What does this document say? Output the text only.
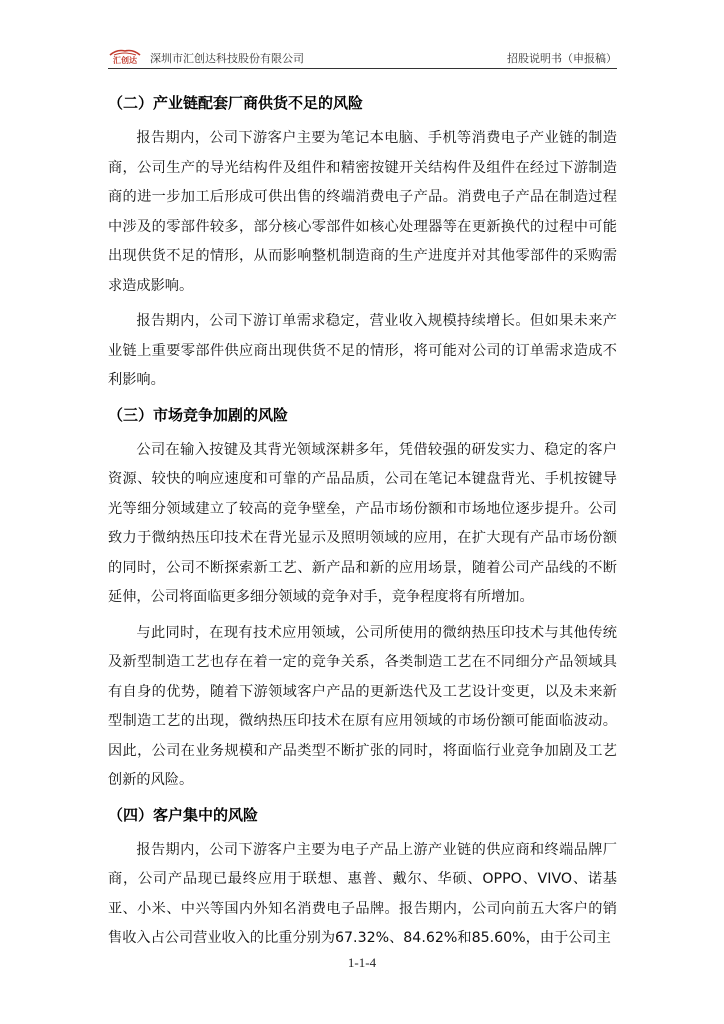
汇创达 深圳市汇创达科技股份有限公司	招股说明书（申报稿）
（二）产业链配套厂商供货不足的风险

报告期内，公司下游客户主要为笔记本电脑、手机等消费电子产业链的制造商，公司生产的导光结构件及组件和精密按键开关结构件及组件在经过下游制造商的进一步加工后形成可供出售的终端消费电子产品。消费电子产品在制造过程中涉及的零部件较多，部分核心零部件如核心处理器等在更新换代的过程中可能出现供货不足的情形，从而影响整机制造商的生产进度并对其他零部件的采购需求造成影响。

报告期内，公司下游订单需求稳定，营业收入规模持续增长。但如果未来产业链上重要零部件供应商出现供货不足的情形，将可能对公司的订单需求造成不利影响。

（三）市场竞争加剧的风险

公司在输入按键及其背光领域深耕多年，凭借较强的研发实力、稳定的客户资源、较快的响应速度和可靠的产品品质，公司在笔记本键盘背光、手机按键导光等细分领域建立了较高的竞争壁垒，产品市场份额和市场地位逐步提升。公司致力于微纳热压印技术在背光显示及照明领域的应用，在扩大现有产品市场份额的同时，公司不断探索新工艺、新产品和新的应用场景，随着公司产品线的不断延伸，公司将面临更多细分领域的竞争对手，竞争程度将有所增加。

与此同时，在现有技术应用领域，公司所使用的微纳热压印技术与其他传统及新型制造工艺也存在着一定的竞争关系，各类制造工艺在不同细分产品领域具有自身的优势，随着下游领域客户产品的更新迭代及工艺设计变更，以及未来新型制造工艺的出现，微纳热压印技术在原有应用领域的市场份额可能面临波动。因此，公司在业务规模和产品类型不断扩张的同时，将面临行业竞争加剧及工艺创新的风险。

（四）客户集中的风险

报告期内，公司下游客户主要为电子产品上游产业链的供应商和终端品牌厂商，公司产品现已最终应用于联想、惠普、戴尔、华硕、OPPO、VIVO、诺基亚、小米、中兴等国内外知名消费电子品牌。报告期内，公司向前五大客户的销售收入占公司营业收入的比重分别为67.32%、84.62%和85.60%，由于公司主

1-1-4
